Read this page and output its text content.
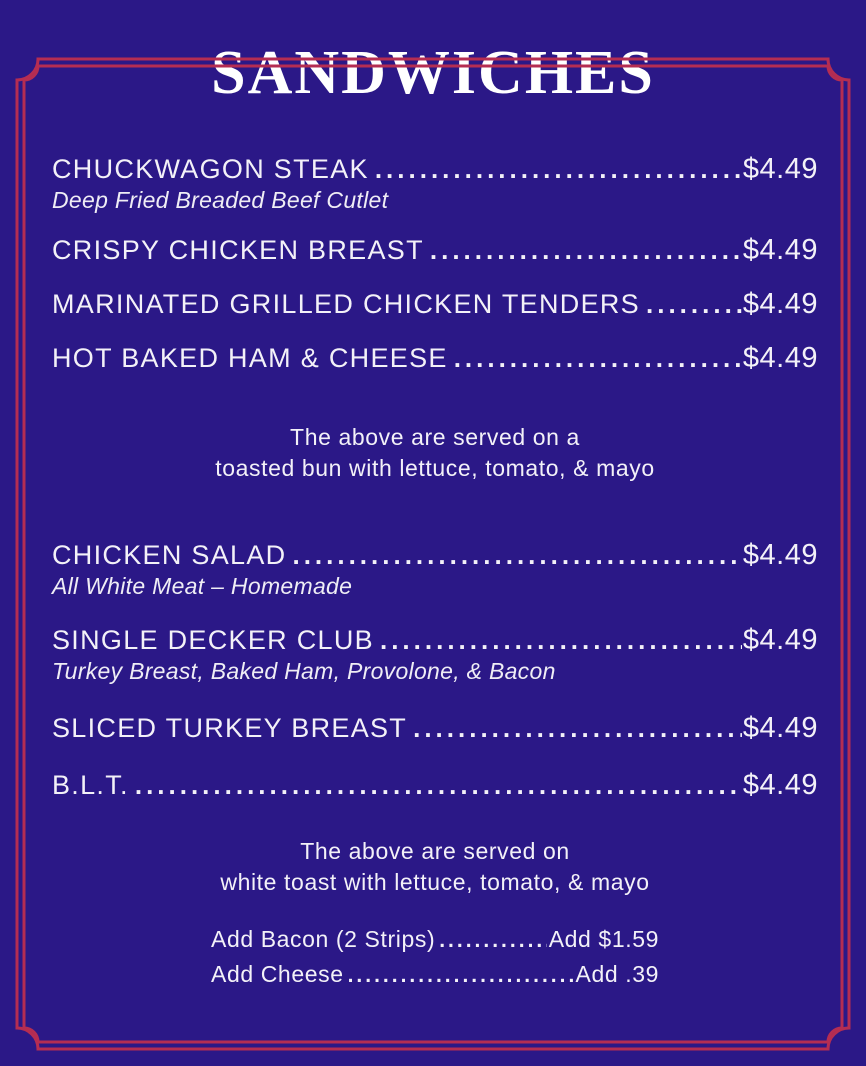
SANDWICHES
CHUCKWAGON STEAK .....	$4.49
Deep Fried Breaded Beef Cutlet
CRISPY CHICKEN BREAST .....	$4.49
MARINATED GRILLED CHICKEN TENDERS .....	$4.49
HOT BAKED HAM & CHEESE .....	$4.49
The above are served on a
toasted bun with lettuce, tomato, & mayo
CHICKEN SALAD .....	$4.49
All White Meat – Homemade
SINGLE DECKER CLUB .....	$4.49
Turkey Breast, Baked Ham, Provolone, & Bacon
SLICED TURKEY BREAST .....	$4.49
B.L.T. .....	$4.49
The above are served on
white toast with lettuce, tomato, & mayo
Add Bacon (2 Strips) .....	Add $1.59
Add Cheese .....	Add .39
